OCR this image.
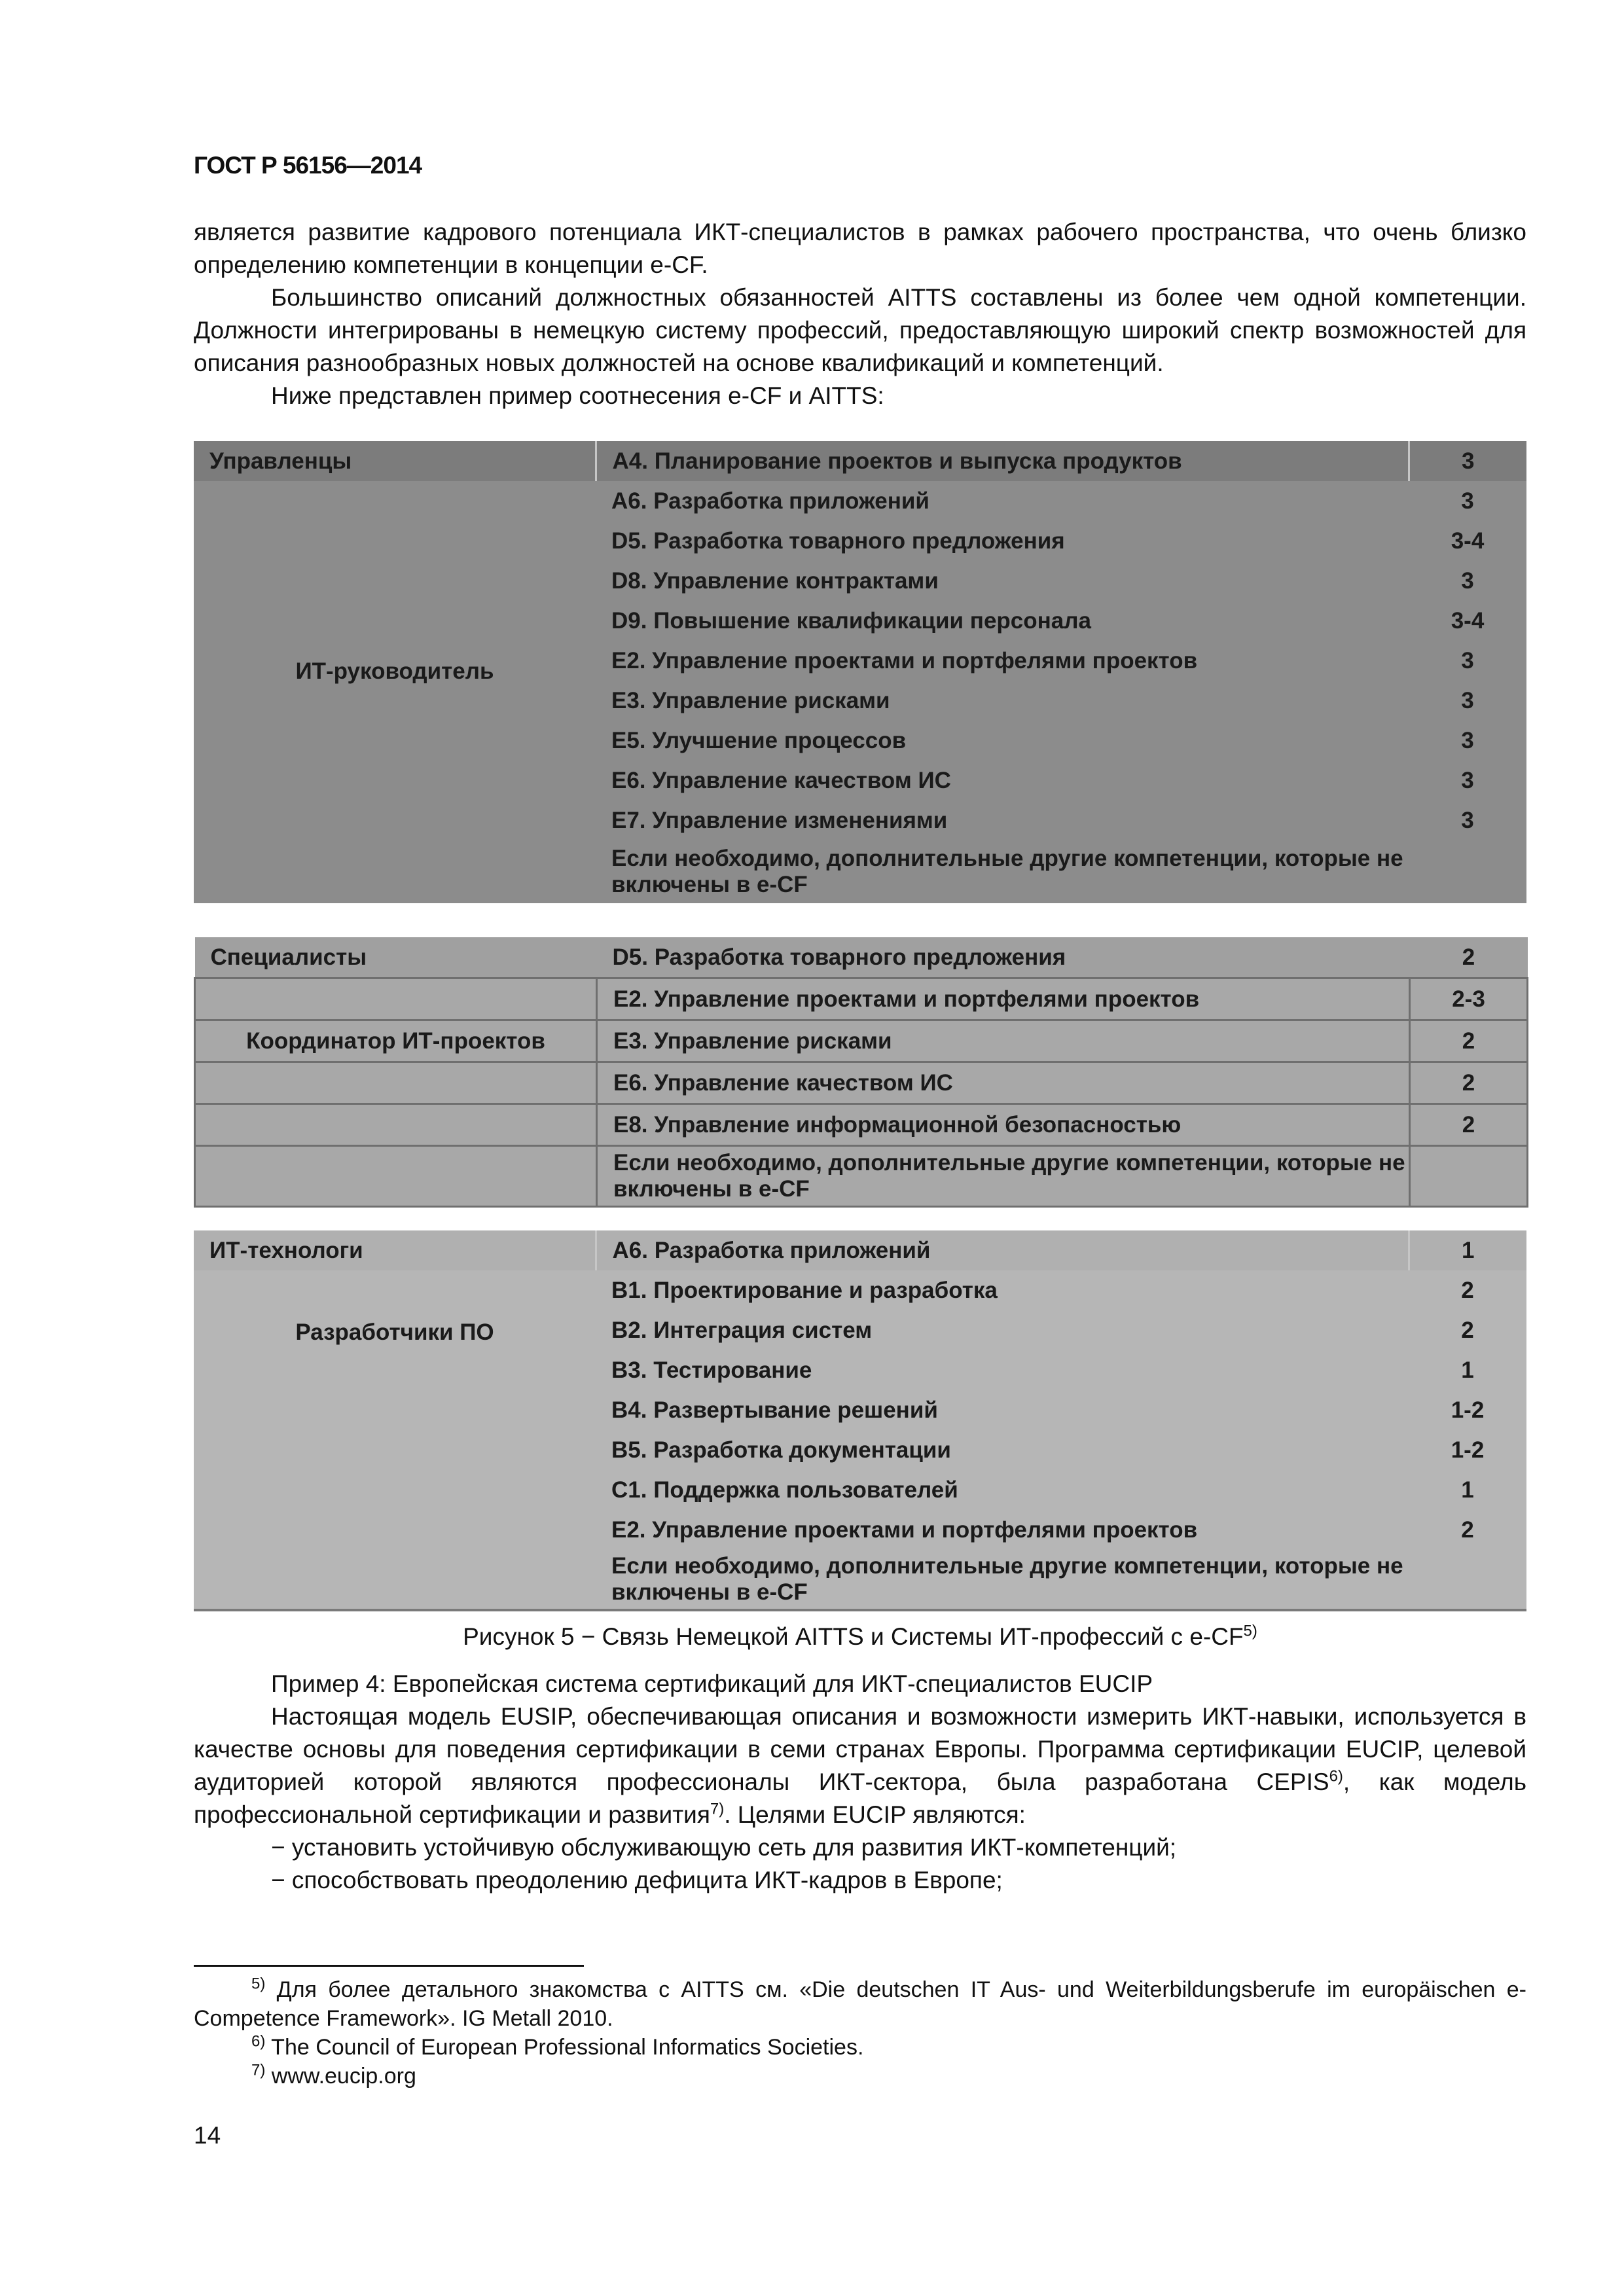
ГОСТ Р 56156—2014

является развитие кадрового потенциала ИКТ-специалистов в рамках рабочего пространства, что очень близко определению компетенции в концепции e-CF.

Большинство описаний должностных обязанностей AITTS составлены из более чем одной компетенции. Должности интегрированы в немецкую систему профессий, предоставляющую широкий спектр возможностей для описания разнообразных новых должностей на основе квалификаций и компетенций.

Ниже представлен пример соотнесения e-CF и AITTS:

Управленцы	А4. Планирование проектов и выпуска продуктов	3

ИТ-руководитель	А6. Разработка приложений	3
	D5. Разработка товарного предложения	3-4
	D8. Управление контрактами	3
	D9. Повышение квалификации персонала	3-4
	Е2. Управление проектами и портфелями проектов	3
	Е3. Управление рисками	3
	Е5. Улучшение процессов	3
	Е6. Управление качеством ИС	3
	Е7. Управление изменениями	3
	Если необходимо, дополнительные другие компетенции, которые не включены в e-CF	
Специалисты	D5. Разработка товарного предложения	2
	Е2. Управление проектами и портфелями проектов	2-3
Координатор ИТ-проектов	Е3. Управление рисками	2
	Е6. Управление качеством ИС	2
	Е8. Управление информационной безопасностью	2
	Если необходимо, дополнительные другие компетенции, которые не включены в e-CF	
ИТ-технологи	А6. Разработка приложений	1

Разработчики ПО	В1. Проектирование и разработка	2
	В2. Интеграция систем	2
	В3. Тестирование	1
	В4. Развертывание решений	1-2
	В5. Разработка документации	1-2
	С1. Поддержка пользователей	1
	Е2. Управление проектами и портфелями проектов	2
	Если необходимо, дополнительные другие компетенции, которые не включены в e-CF	
Рисунок 5 − Связь Немецкой AITTS и Системы ИТ-профессий с e-CF$^{5)}$

Пример 4: Европейская система сертификаций для ИКТ-специалистов EUCIP

Настоящая модель EUSIP, обеспечивающая описания и возможности измерить ИКТ-навыки, используется в качестве основы для поведения сертификации в семи странах Европы. Программа сертификации EUCIP, целевой аудиторией которой являются профессионалы ИКТ-сектора, была разработана CEPIS$^{6)}$, как модель профессиональной сертификации и развития$^{7)}$. Целями EUCIP являются:

− установить устойчивую обслуживающую сеть для развития ИКТ-компетенций;

− способствовать преодолению дефицита ИКТ-кадров в Европе;

$^{5)}$ Для более детального знакомства с AITTS см. «Die deutschen IT Aus- und Weiterbildungsberufe im europäischen e-Competence Framework». IG Metall 2010.

$^{6)}$ The Council of European Professional Informatics Societies.

$^{7)}$ www.eucip.org

14
